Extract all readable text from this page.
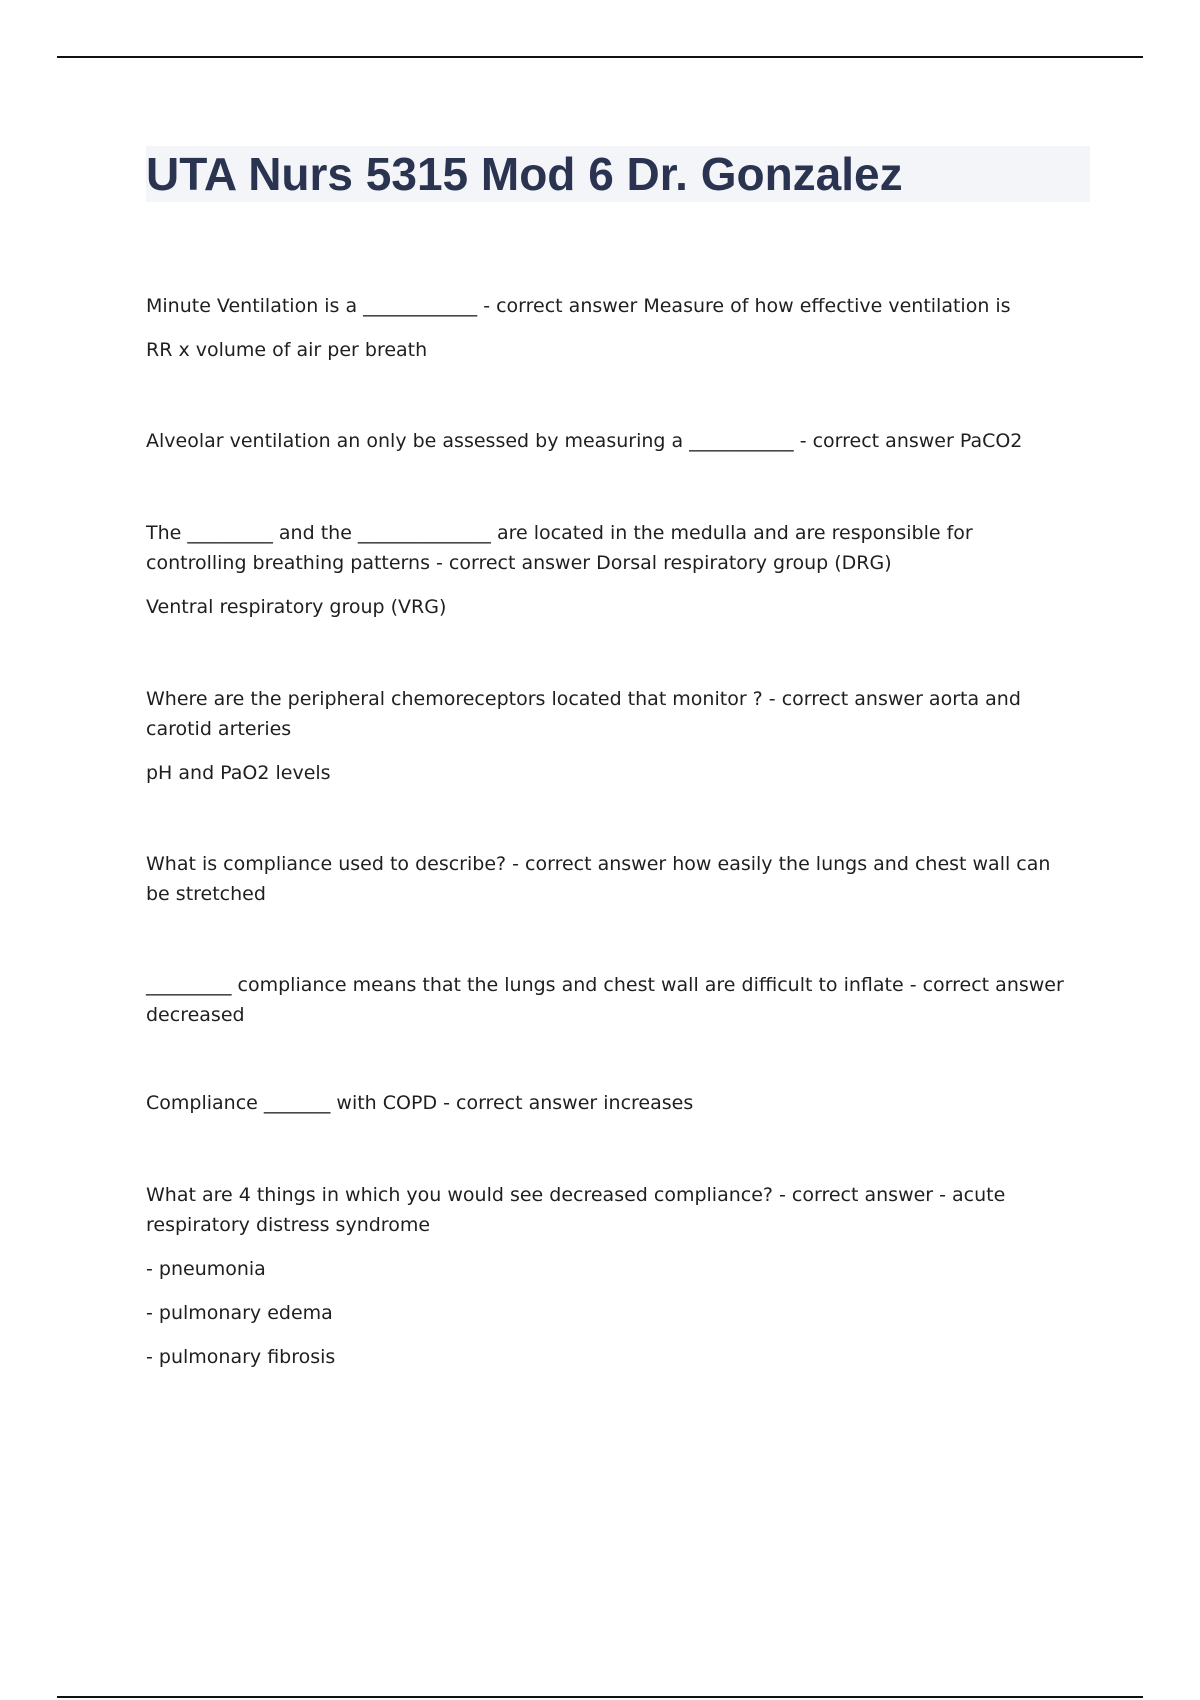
UTA Nurs 5315 Mod 6 Dr. Gonzalez

Minute Ventilation is a ____________ - correct answer Measure of how effective ventilation is

RR x volume of air per breath

Alveolar ventilation an only be assessed by measuring a ___________ - correct answer PaCO2

The _________ and the ______________ are located in the medulla and are responsible for controlling breathing patterns - correct answer Dorsal respiratory group (DRG)

Ventral respiratory group (VRG)

Where are the peripheral chemoreceptors located that monitor ? - correct answer aorta and carotid arteries

pH and PaO2 levels

What is compliance used to describe? - correct answer how easily the lungs and chest wall can be stretched

_________ compliance means that the lungs and chest wall are difficult to inflate - correct answer decreased

Compliance _______ with COPD - correct answer increases

What are 4 things in which you would see decreased compliance? - correct answer - acute respiratory distress syndrome

- pneumonia

- pulmonary edema

- pulmonary fibrosis
